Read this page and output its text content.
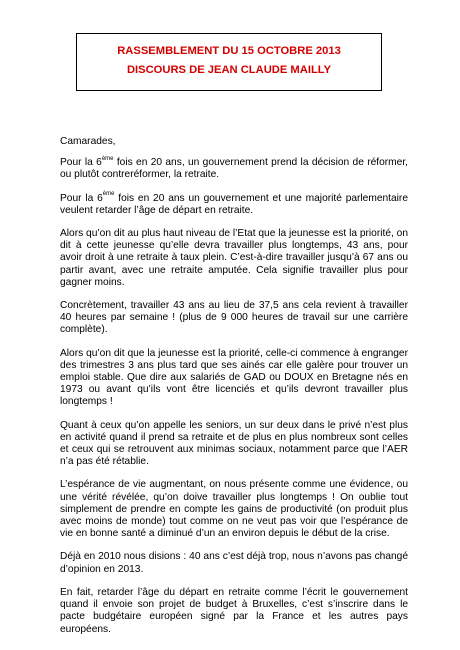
RASSEMBLEMENT DU 15 OCTOBRE 2013
DISCOURS DE JEAN CLAUDE MAILLY

Camarades,

Pour la 6ème fois en 20 ans, un gouvernement prend la décision de réformer, ou plutôt contreréformer, la retraite.

Pour la 6ème fois en 20 ans un gouvernement et une majorité parlementaire veulent retarder l’âge de départ en retraite.

Alors qu’on dit au plus haut niveau de l’Etat que la jeunesse est la priorité, on dit à cette jeunesse qu’elle devra travailler plus longtemps, 43 ans, pour avoir droit à une retraite à taux plein. C’est-à-dire travailler jusqu’à 67 ans ou partir avant, avec une retraite amputée. Cela signifie travailler plus pour gagner moins.

Concrètement, travailler 43 ans au lieu de 37,5 ans cela revient à travailler 40 heures par semaine ! (plus de 9 000 heures de travail sur une carrière complète).

Alors qu’on dit que la jeunesse est la priorité, celle-ci commence à engranger des trimestres 3 ans plus tard que ses ainés car elle galère pour trouver un emploi stable. Que dire aux salariés de GAD ou DOUX en Bretagne nés en 1973 ou avant qu’ils vont être licenciés et qu’ils devront travailler plus longtemps !

Quant à ceux qu’on appelle les seniors, un sur deux dans le privé n’est plus en activité quand il prend sa retraite et de plus en plus nombreux sont celles et ceux qui se retrouvent aux minimas sociaux, notamment parce que l’AER n’a pas été rétablie.

L’espérance de vie augmentant, on nous présente comme une évidence, ou une vérité révélée, qu’on doive travailler plus longtemps ! On oublie tout simplement de prendre en compte les gains de productivité (on produit plus avec moins de monde) tout comme on ne veut pas voir que l’espérance de vie en bonne santé a diminué d’un an environ depuis le début de la crise.

Déjà en 2010 nous disions : 40 ans c’est déjà trop, nous n’avons pas changé d’opinion en 2013.

En fait, retarder l’âge du départ en retraite comme l’écrit le gouvernement quand il envoie son projet de budget à Bruxelles, c’est s’inscrire dans le pacte budgétaire européen signé par la France et les autres pays européens.
